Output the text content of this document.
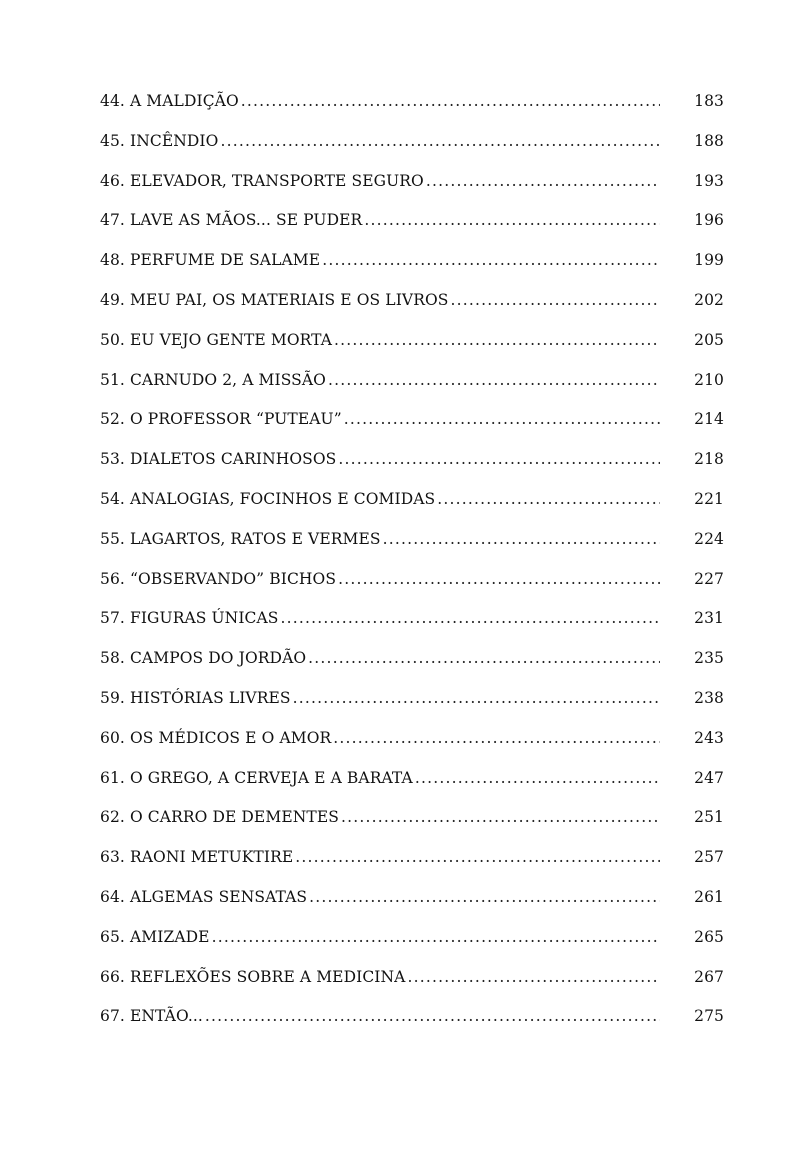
44. A MALDIÇÃO .....	183
45. INCÊNDIO .....	188
46. ELEVADOR, TRANSPORTE SEGURO .....	193
47. LAVE AS MÃOS... SE PUDER .....	196
48. PERFUME DE SALAME .....	199
49. MEU PAI, OS MATERIAIS E OS LIVROS .....	202
50. EU VEJO GENTE MORTA .....	205
51. CARNUDO 2, A MISSÃO .....	210
52. O PROFESSOR “PUTEAU” .....	214
53. DIALETOS CARINHOSOS .....	218
54. ANALOGIAS, FOCINHOS E COMIDAS .....	221
55. LAGARTOS, RATOS E VERMES .....	224
56. “OBSERVANDO” BICHOS .....	227
57. FIGURAS ÚNICAS .....	231
58. CAMPOS DO JORDÃO .....	235
59. HISTÓRIAS LIVRES .....	238
60. OS MÉDICOS E O AMOR .....	243
61. O GREGO, A CERVEJA E A BARATA .....	247
62. O CARRO DE DEMENTES .....	251
63. RAONI METUKTIRE .....	257
64. ALGEMAS SENSATAS .....	261
65. AMIZADE .....	265
66. REFLEXÕES SOBRE A MEDICINA .....	267
67. ENTÃO... .....	275
